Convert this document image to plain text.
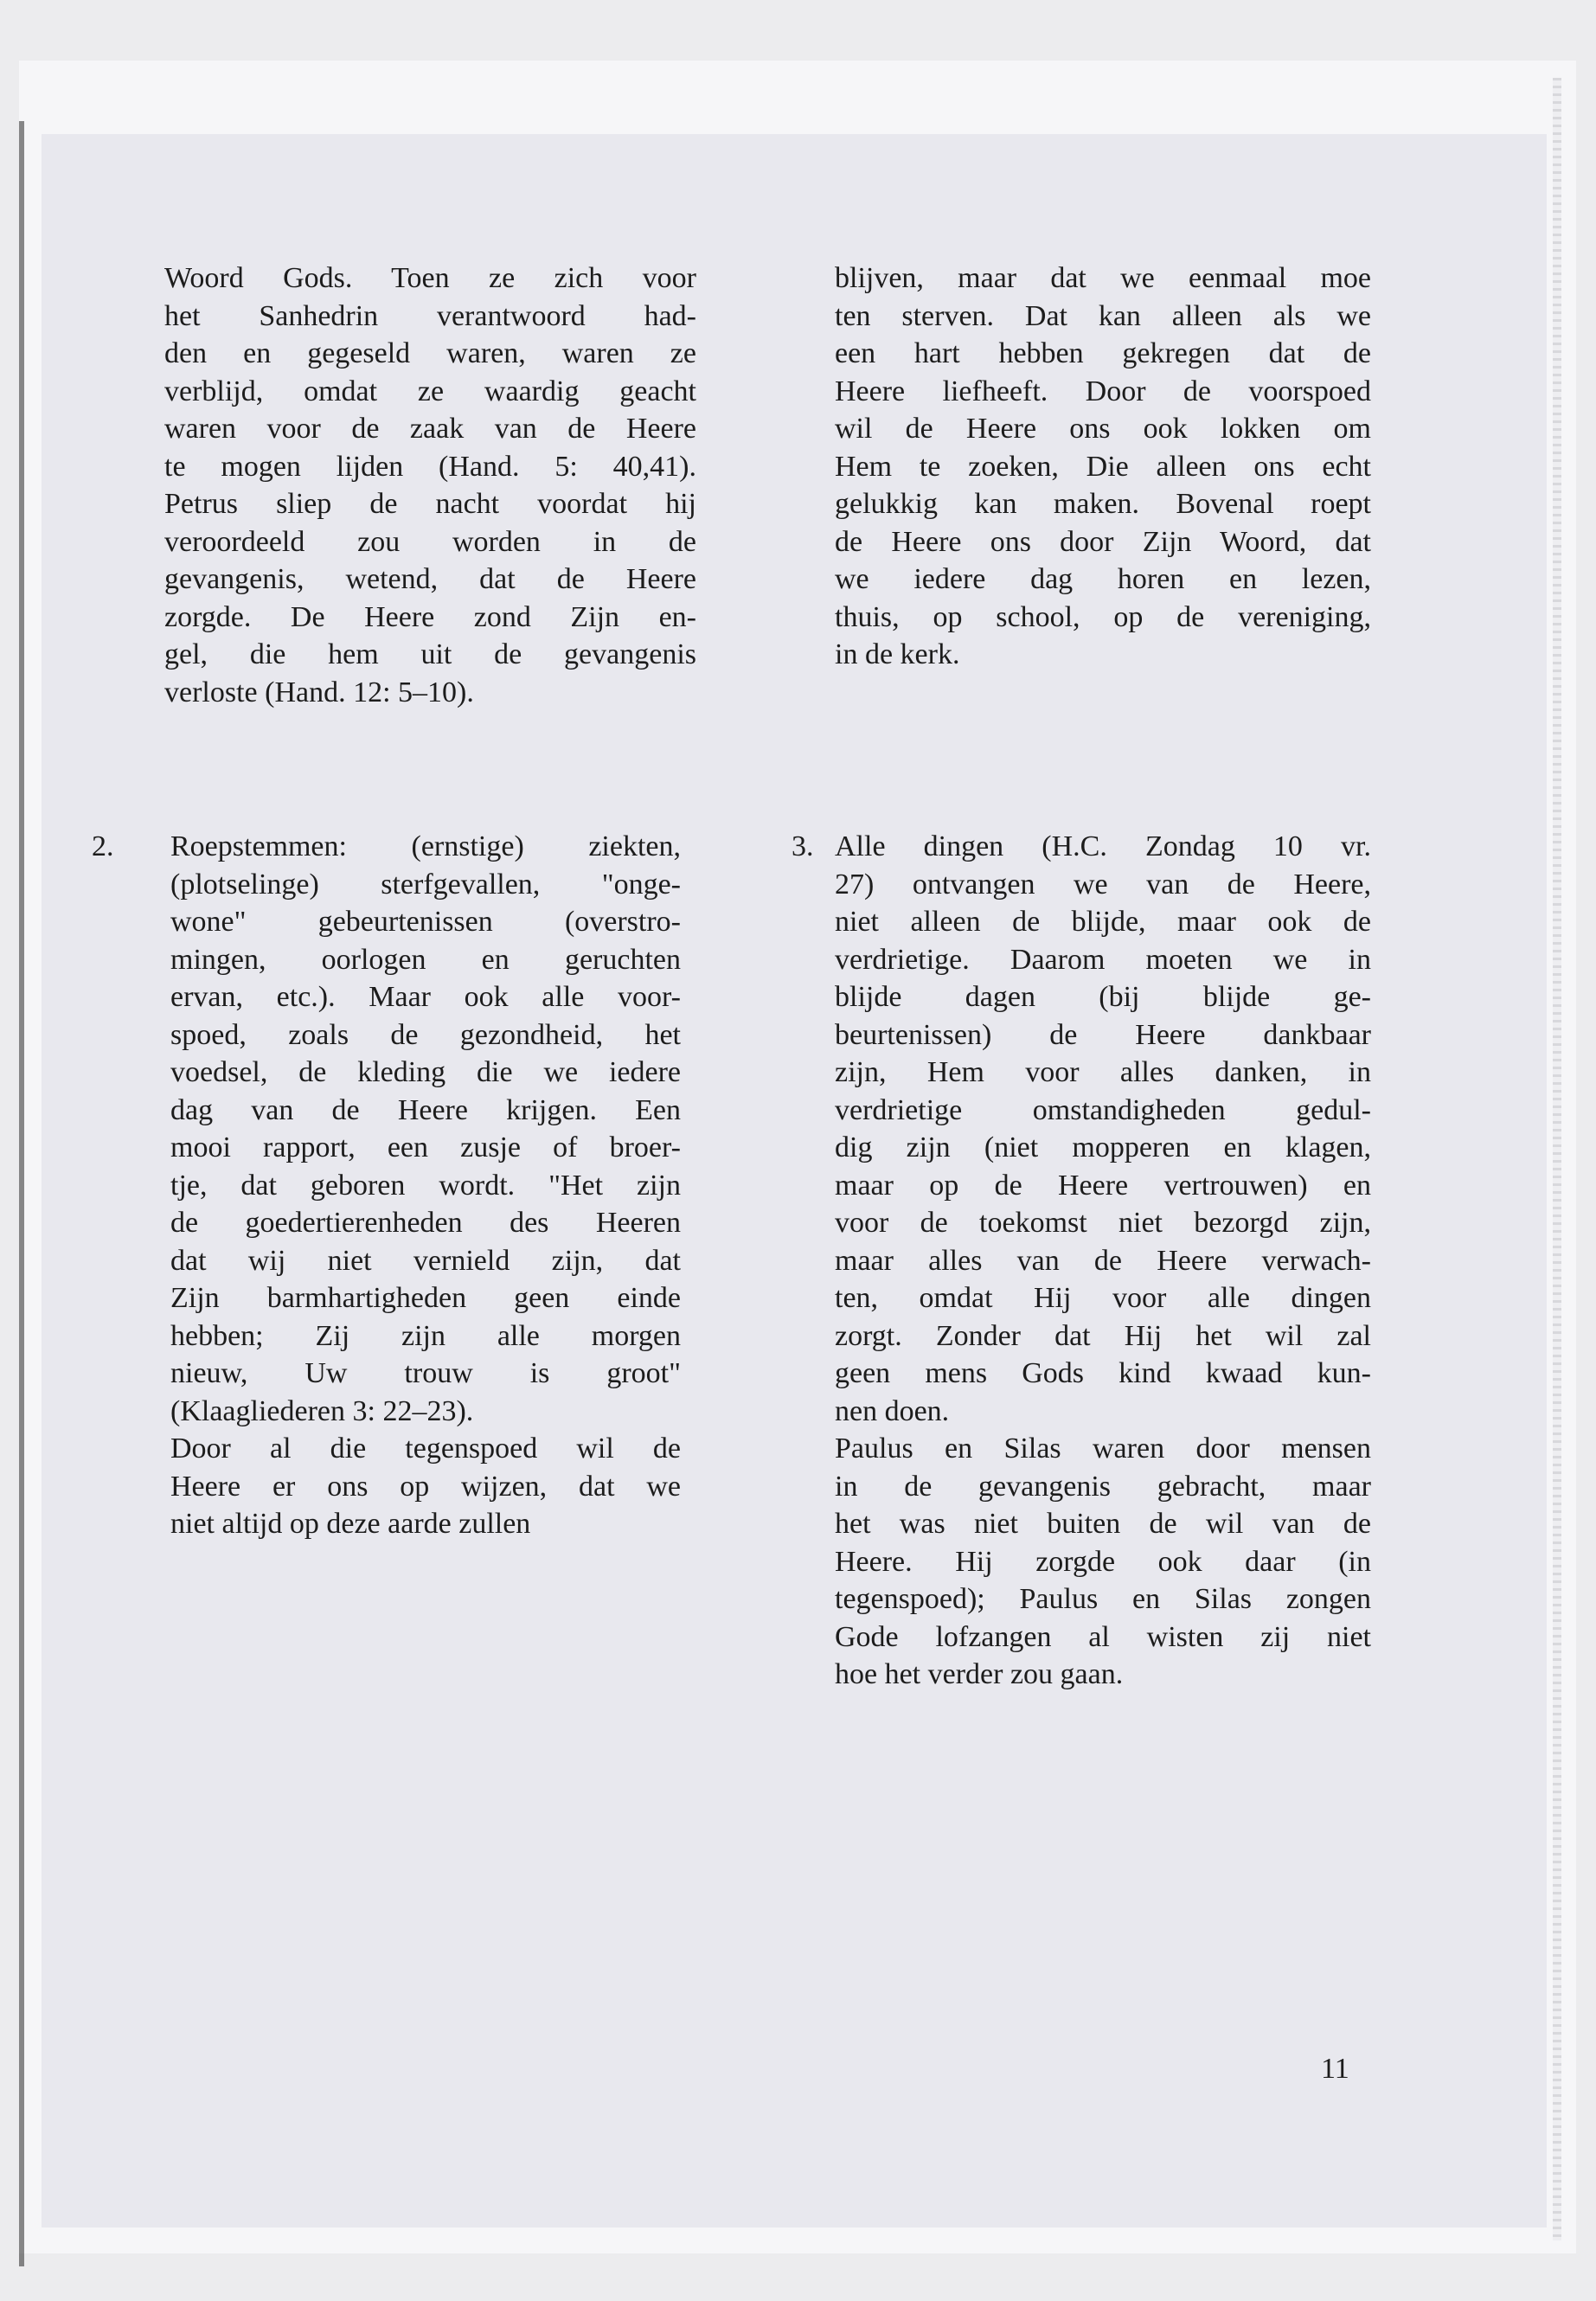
Woord Gods. Toen ze zich voor
het Sanhedrin verantwoord had-
den en gegeseld waren, waren ze
verblijd, omdat ze waardig geacht
waren voor de zaak van de Heere
te mogen lijden (Hand. 5: 40,41).
Petrus sliep de nacht voordat hij
veroordeeld zou worden in de
gevangenis, wetend, dat de Heere
zorgde. De Heere zond Zijn en-
gel, die hem uit de gevangenis
verloste (Hand. 12: 5–10).
blijven, maar dat we eenmaal moe
ten sterven. Dat kan alleen als we
een hart hebben gekregen dat de
Heere liefheeft. Door de voorspoed
wil de Heere ons ook lokken om
Hem te zoeken, Die alleen ons echt
gelukkig kan maken. Bovenal roept
de Heere ons door Zijn Woord, dat
we iedere dag horen en lezen,
thuis, op school, op de vereniging,
in de kerk.
2. Roepstemmen: (ernstige) ziekten,
(plotselinge) sterfgevallen, "onge-
wone" gebeurtenissen (overstro-
mingen, oorlogen en geruchten
ervan, etc.). Maar ook alle voor-
spoed, zoals de gezondheid, het
voedsel, de kleding die we iedere
dag van de Heere krijgen. Een
mooi rapport, een zusje of broer-
tje, dat geboren wordt. "Het zijn
de goedertierenheden des Heeren
dat wij niet vernield zijn, dat
Zijn barmhartigheden geen einde
hebben; Zij zijn alle morgen
nieuw, Uw trouw is groot"
(Klaagliederen 3: 22–23).
Door al die tegenspoed wil de
Heere er ons op wijzen, dat we
niet altijd op deze aarde zullen
3. Alle dingen (H.C. Zondag 10 vr.
27) ontvangen we van de Heere,
niet alleen de blijde, maar ook de
verdrietige. Daarom moeten we in
blijde dagen (bij blijde ge-
beurtenissen) de Heere dankbaar
zijn, Hem voor alles danken, in
verdrietige omstandigheden gedul-
dig zijn (niet mopperen en klagen,
maar op de Heere vertrouwen) en
voor de toekomst niet bezorgd zijn,
maar alles van de Heere verwach-
ten, omdat Hij voor alle dingen
zorgt. Zonder dat Hij het wil zal
geen mens Gods kind kwaad kun-
nen doen.
Paulus en Silas waren door mensen
in de gevangenis gebracht, maar
het was niet buiten de wil van de
Heere. Hij zorgde ook daar (in
tegenspoed); Paulus en Silas zongen
Gode lofzangen al wisten zij niet
hoe het verder zou gaan.
11
